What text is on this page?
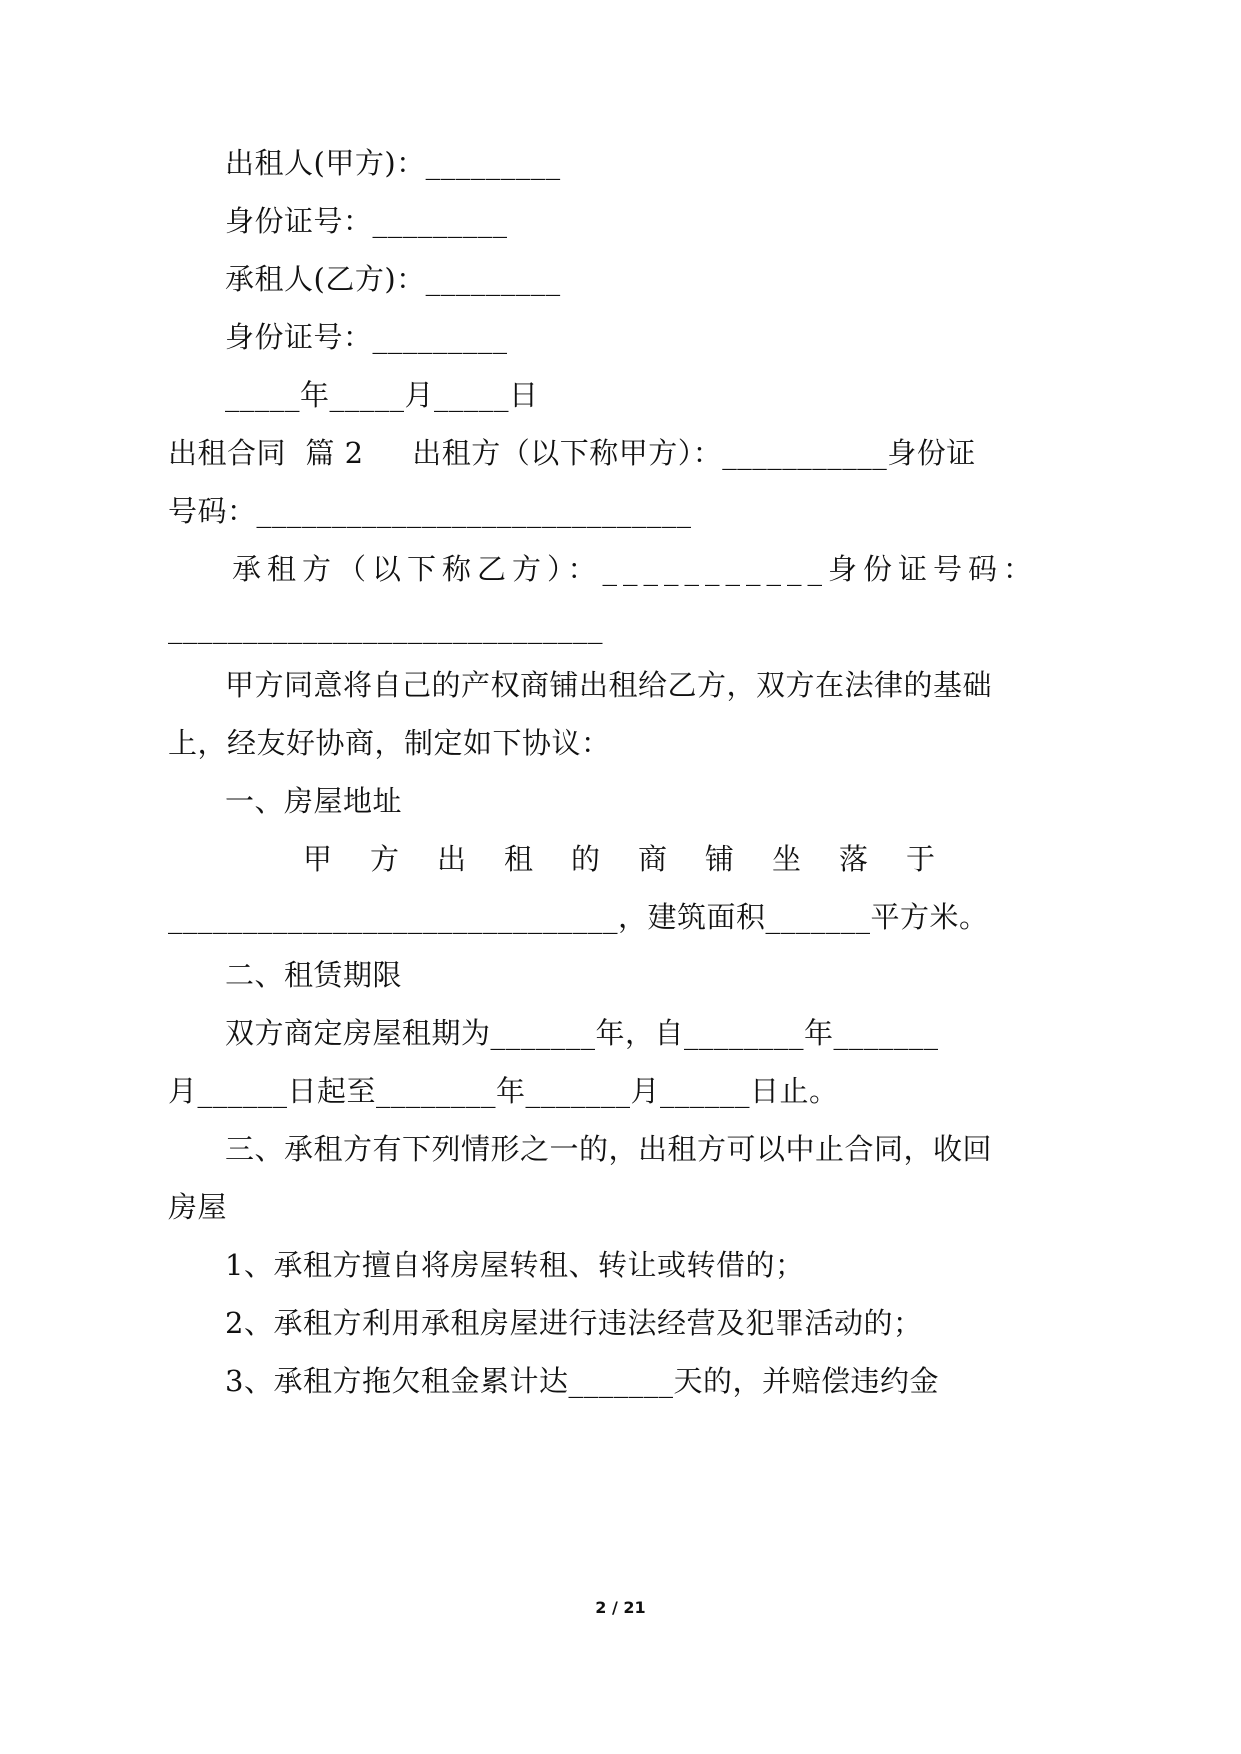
出租人(甲方)：_________
身份证号：_________
承租人(乙方)：_________
身份证号：_________
_____年_____月_____日
出租合同  篇 2     出租方（以下称甲方）：___________身份证
号码：_____________________________
承租方（以下称乙方）：___________身份证号码：
_____________________________
甲方同意将自己的产权商铺出租给乙方，双方在法律的基础
上，经友好协商，制定如下协议：
一、房屋地址
甲方出租的商铺坐落于
______________________________，建筑面积_______平方米。
二、租赁期限
双方商定房屋租期为_______年，自________年_______
月______日起至________年_______月______日止。
三、承租方有下列情形之一的，出租方可以中止合同，收回
房屋
1、承租方擅自将房屋转租、转让或转借的；
2、承租方利用承租房屋进行违法经营及犯罪活动的；
3、承租方拖欠租金累计达_______天的，并赔偿违约金
2 / 21
